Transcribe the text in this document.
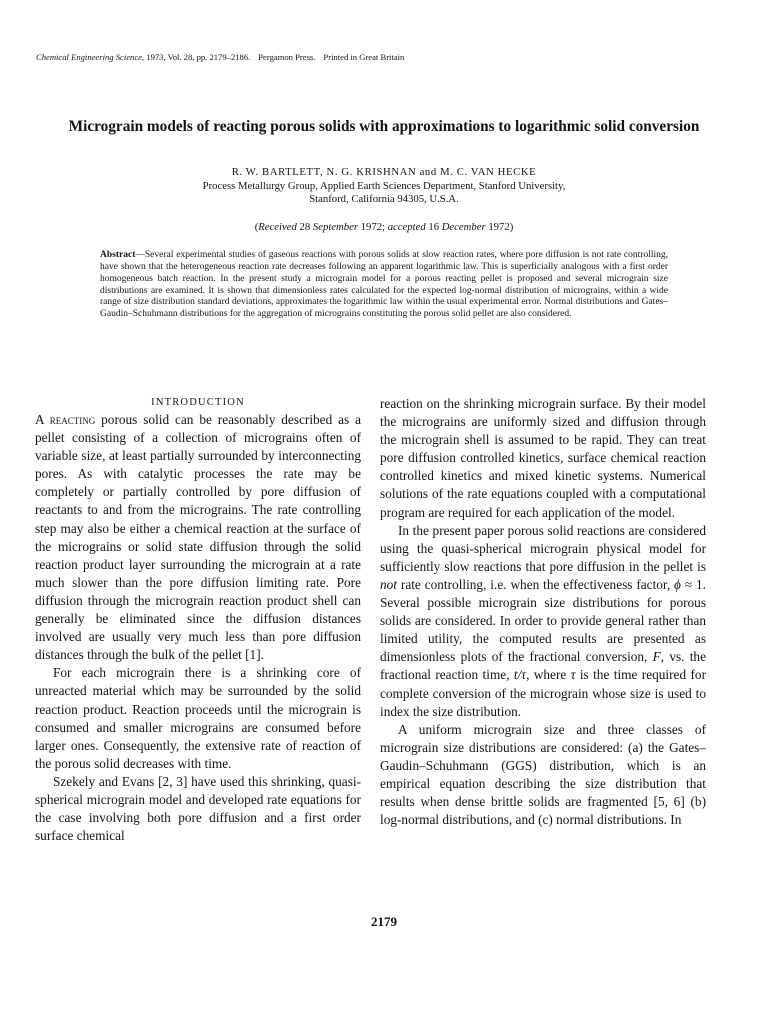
Chemical Engineering Science, 1973, Vol. 28, pp. 2179–2186. Pergamon Press. Printed in Great Britain
Micrograin models of reacting porous solids with approximations to logarithmic solid conversion
R. W. BARTLETT, N. G. KRISHNAN and M. C. VAN HECKE
Process Metallurgy Group, Applied Earth Sciences Department, Stanford University,
Stanford, California 94305, U.S.A.
(Received 28 September 1972; accepted 16 December 1972)
Abstract—Several experimental studies of gaseous reactions with porous solids at slow reaction rates, where pore diffusion is not rate controlling, have shown that the heterogeneous reaction rate decreases following an apparent logarithmic law. This is superficially analogous with a first order homogeneous batch reaction. In the present study a micrograin model for a porous reacting pellet is proposed and several micrograin size distributions are examined. It is shown that dimensionless rates calculated for the expected log-normal distribution of micrograins, within a wide range of size distribution standard deviations, approximates the logarithmic law within the usual experimental error. Normal distributions and Gates–Gaudin–Schuhmann distributions for the aggregation of micrograins constituting the porous solid pellet are also considered.
INTRODUCTION

A reacting porous solid can be reasonably described as a pellet consisting of a collection of micrograins often of variable size, at least partially surrounded by interconnecting pores. As with catalytic processes the rate may be completely or partially controlled by pore diffusion of reactants to and from the micrograins. The rate controlling step may also be either a chemical reaction at the surface of the micrograins or solid state diffusion through the solid reaction product layer surrounding the micrograin at a rate much slower than the pore diffusion limiting rate. Pore diffusion through the micrograin reaction product shell can generally be eliminated since the diffusion distances involved are usually very much less than pore diffusion distances through the bulk of the pellet [1].

For each micrograin there is a shrinking core of unreacted material which may be surrounded by the solid reaction product. Reaction proceeds until the micrograin is consumed and smaller micrograins are consumed before larger ones. Consequently, the extensive rate of reaction of the porous solid decreases with time.

Szekely and Evans [2, 3] have used this shrinking, quasi-spherical micrograin model and developed rate equations for the case involving both pore diffusion and a first order surface chemical

reaction on the shrinking micrograin surface. By their model the micrograins are uniformly sized and diffusion through the micrograin shell is assumed to be rapid. They can treat pore diffusion controlled kinetics, surface chemical reaction controlled kinetics and mixed kinetic systems. Numerical solutions of the rate equations coupled with a computational program are required for each application of the model.

In the present paper porous solid reactions are considered using the quasi-spherical micrograin physical model for sufficiently slow reactions that pore diffusion in the pellet is not rate controlling, i.e. when the effectiveness factor, ϕ ≈ 1. Several possible micrograin size distributions for porous solids are considered. In order to provide general rather than limited utility, the computed results are presented as dimensionless plots of the fractional conversion, F, vs. the fractional reaction time, t/τ, where τ is the time required for complete conversion of the micrograin whose size is used to index the size distribution.

A uniform micrograin size and three classes of micrograin size distributions are considered: (a) the Gates–Gaudin–Schuhmann (GGS) distribution, which is an empirical equation describing the size distribution that results when dense brittle solids are fragmented [5, 6] (b) log-normal distributions, and (c) normal distributions. In

2179
